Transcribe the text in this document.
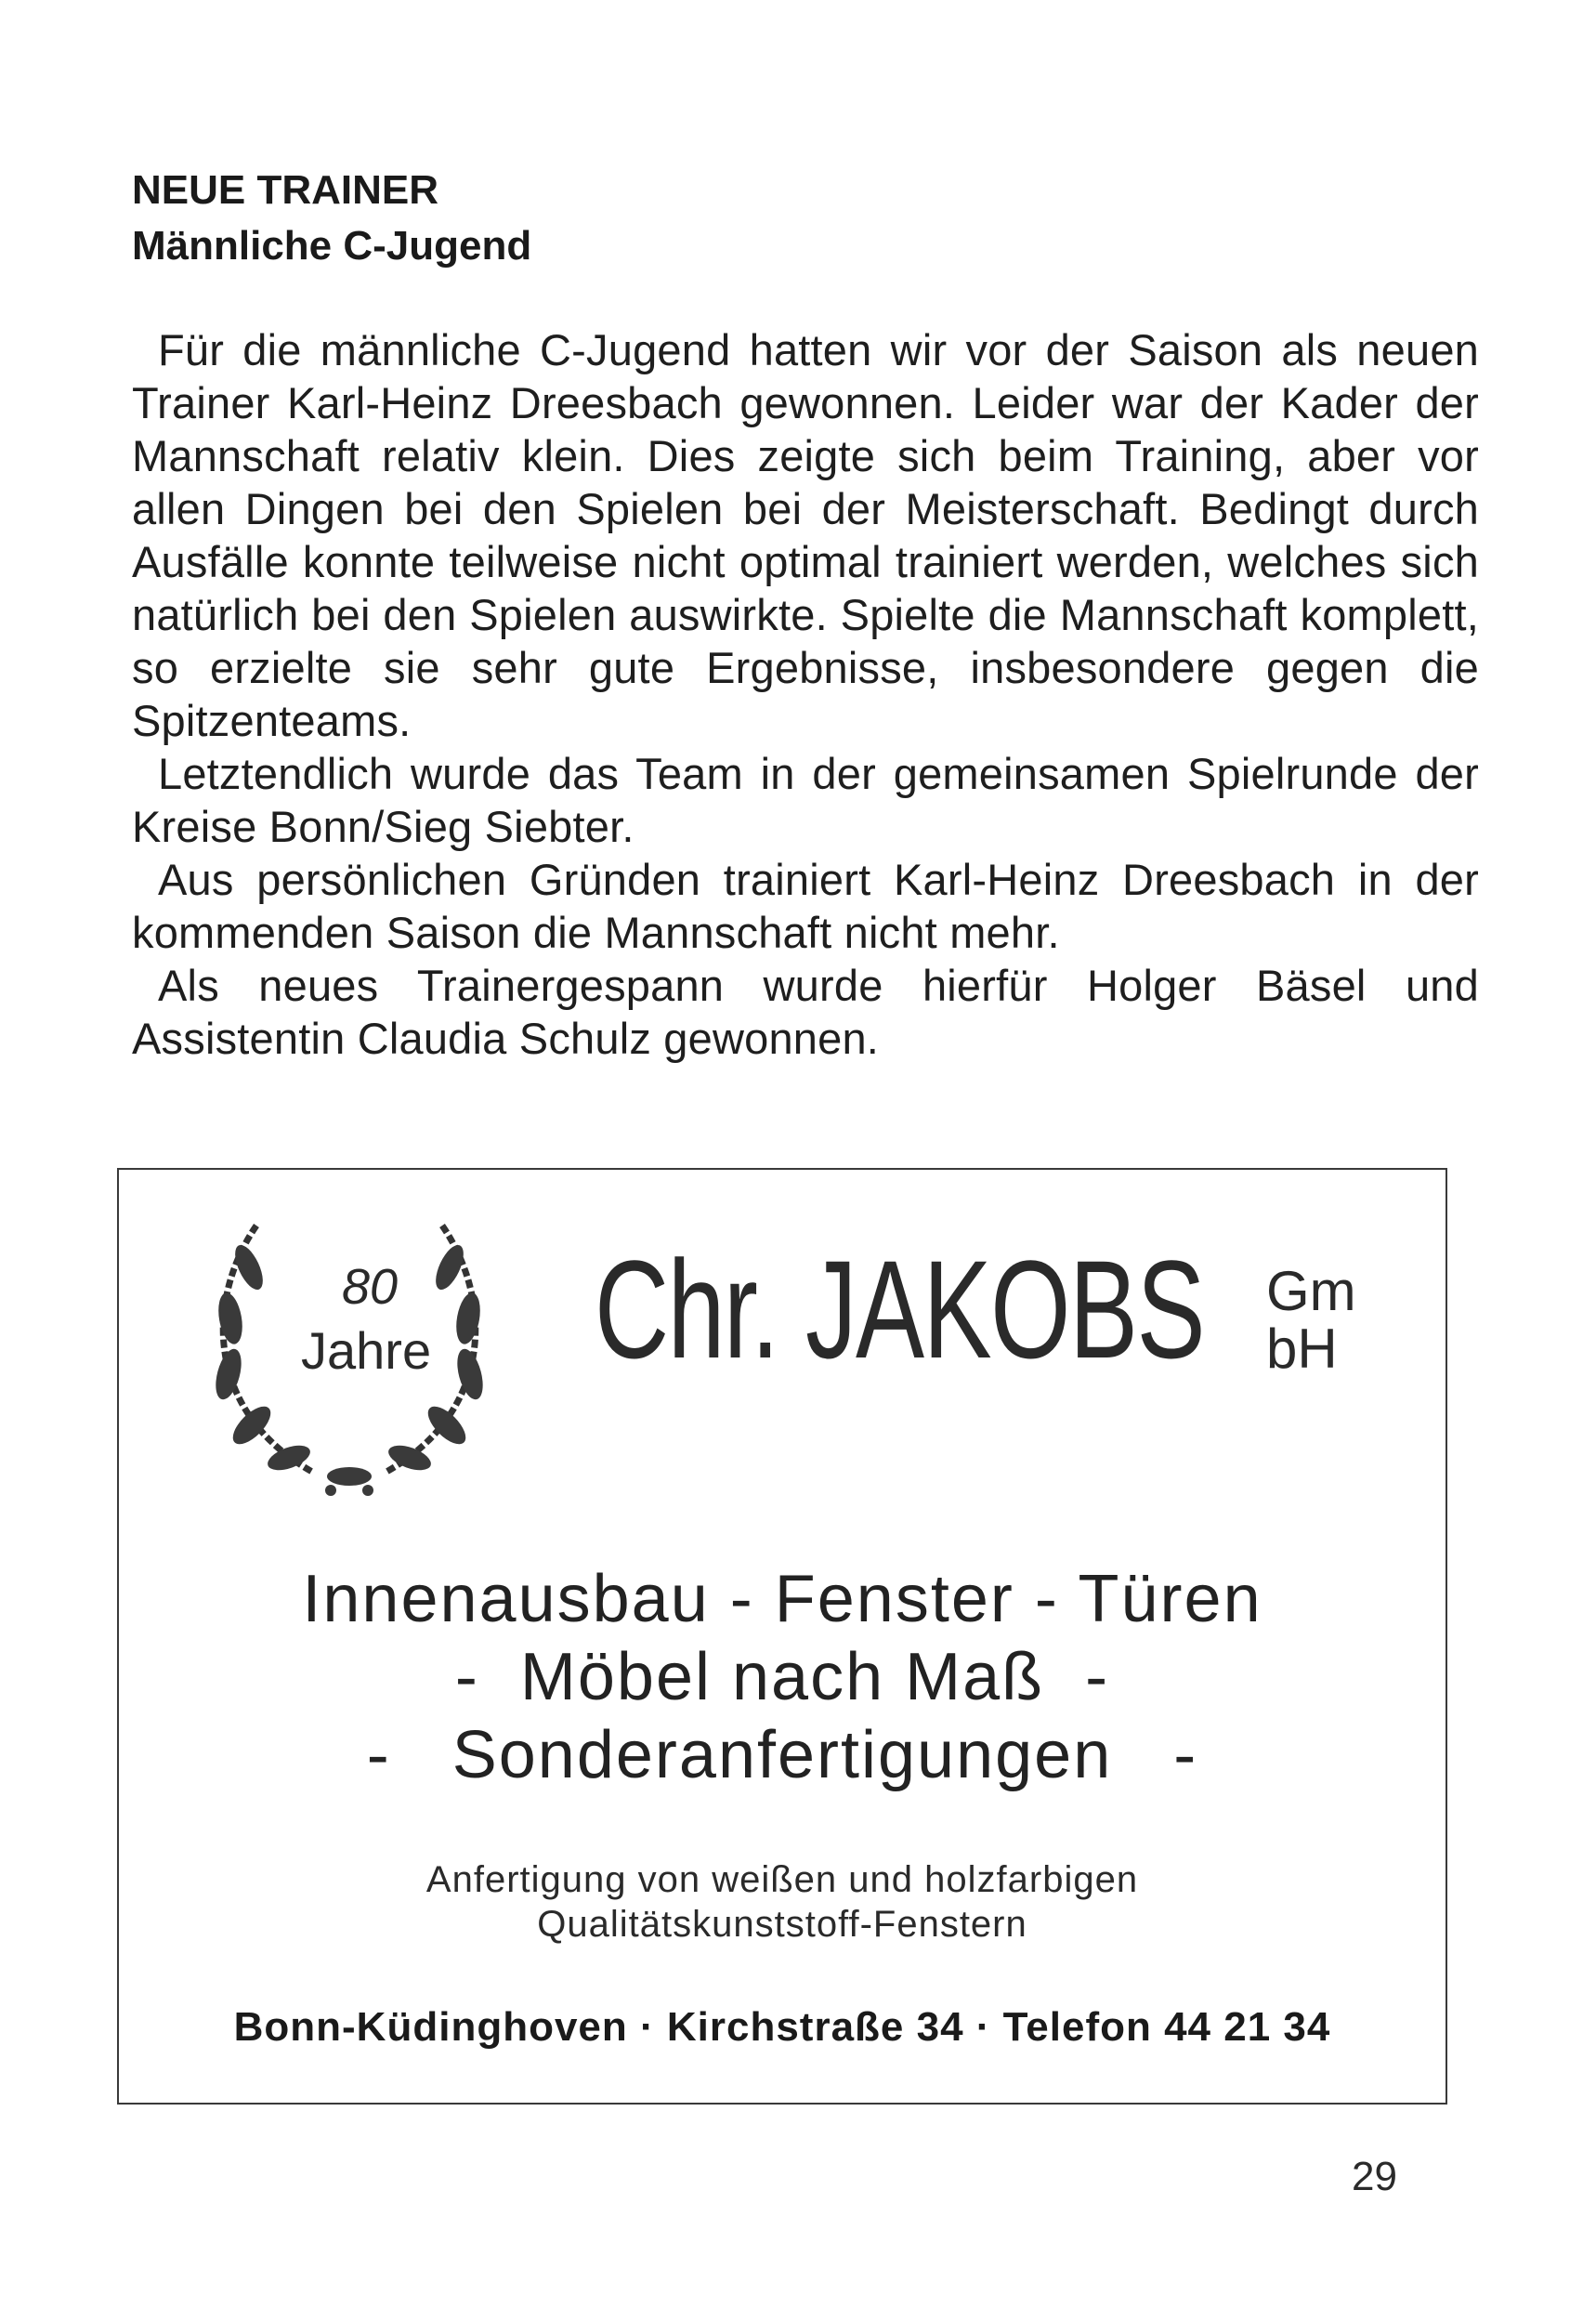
NEUE TRAINER
Männliche C-Jugend

Für die männliche C-Jugend hatten wir vor der Saison als neuen Trainer Karl-Heinz Dreesbach gewonnen. Leider war der Kader der Mannschaft relativ klein. Dies zeigte sich beim Training, aber vor allen Dingen bei den Spielen bei der Meisterschaft. Bedingt durch Ausfälle konnte teilweise nicht optimal trainiert werden, welches sich natürlich bei den Spielen auswirkte. Spielte die Mannschaft komplett, so erzielte sie sehr gute Ergebnisse, insbesondere gegen die Spitzenteams.

Letztendlich wurde das Team in der gemeinsamen Spielrunde der Kreise Bonn/Sieg Siebter.

Aus persönlichen Gründen trainiert Karl-Heinz Dreesbach in der kommenden Saison die Mannschaft nicht mehr.

Als neues Trainergespann wurde hierfür Holger Bäsel und Assistentin Claudia Schulz gewonnen.

80
Jahre Chr. JAKOBS Gm
bH
Innenausbau - Fenster - Türen
-  Möbel nach Maß  -
-   Sonderanfertigungen   -
Anfertigung von weißen und holzfarbigen
Qualitätskunststoff-Fenstern
Bonn-Küdinghoven · Kirchstraße 34 · Telefon 44 21 34
29
